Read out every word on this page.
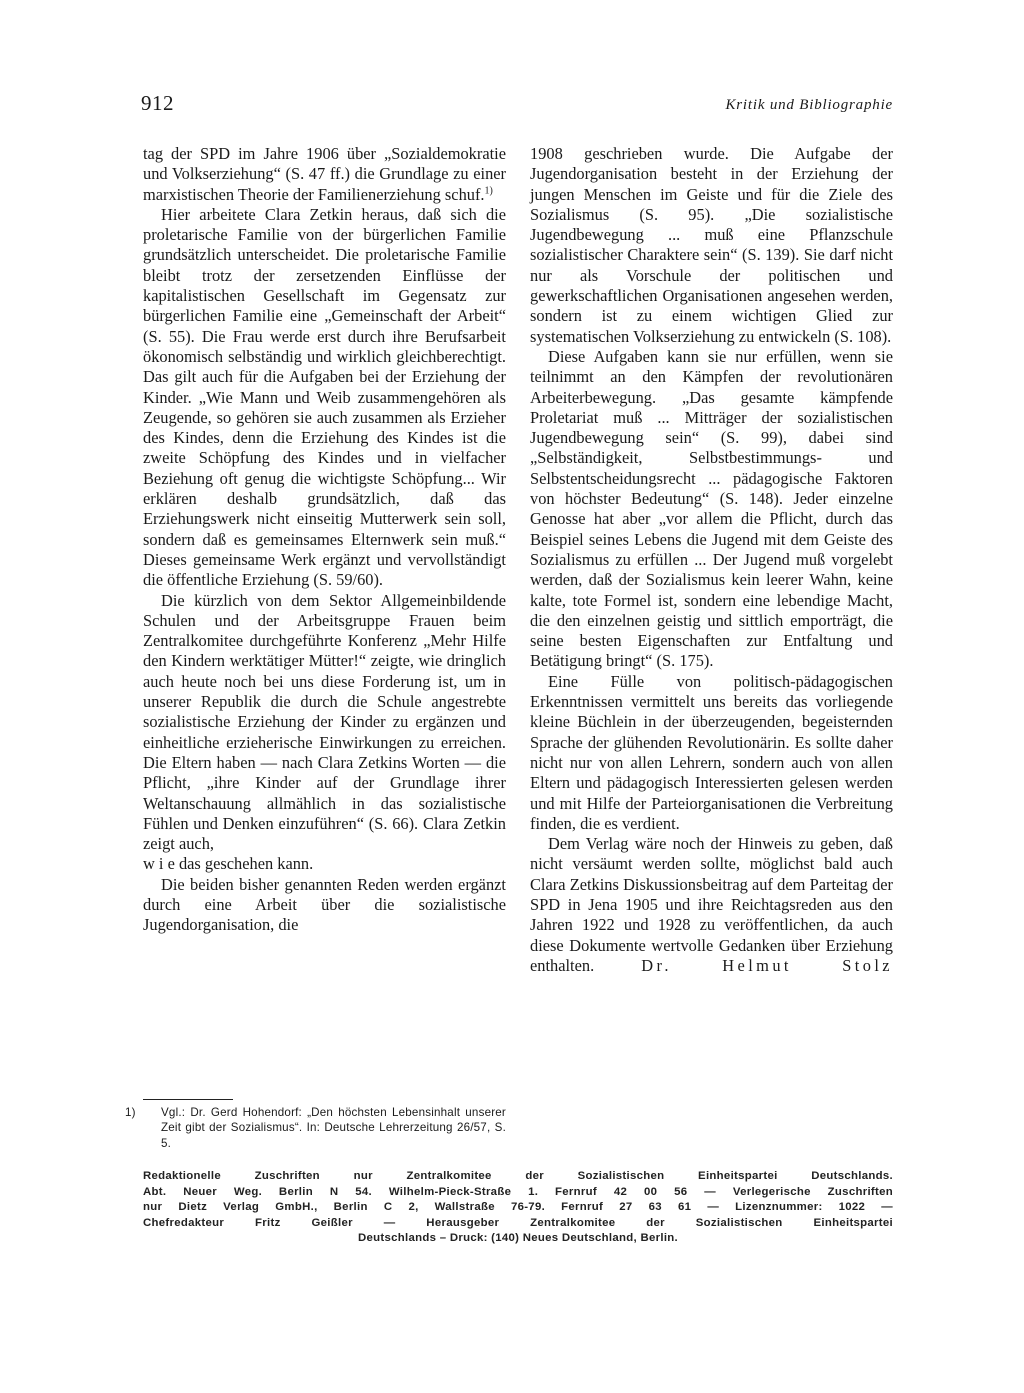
912	Kritik und Bibliographie

tag der SPD im Jahre 1906 über „Sozialdemokratie und Volkserziehung“ (S. 47 ff.) die Grundlage zu einer marxistischen Theorie der Familienerziehung schuf.$^{1)}$

Hier arbeitete Clara Zetkin heraus, daß sich die proletarische Familie von der bürgerlichen Familie grundsätzlich unterscheidet. Die proletarische Familie bleibt trotz der zersetzenden Einflüsse der kapitalistischen Gesellschaft im Gegensatz zur bürgerlichen Familie eine „Gemeinschaft der Arbeit“ (S. 55). Die Frau werde erst durch ihre Berufsarbeit ökonomisch selbständig und wirklich gleichberechtigt. Das gilt auch für die Aufgaben bei der Erziehung der Kinder. „Wie Mann und Weib zusammengehören als Zeugende, so gehören sie auch zusammen als Erzieher des Kindes, denn die Erziehung des Kindes ist die zweite Schöpfung des Kindes und in vielfacher Beziehung oft genug die wichtigste Schöpfung... Wir erklären deshalb grundsätzlich, daß das Erziehungswerk nicht einseitig Mutterwerk sein soll, sondern daß es gemeinsames Elternwerk sein muß.“ Dieses gemeinsame Werk ergänzt und vervollständigt die öffentliche Erziehung (S. 59/60).

Die kürzlich von dem Sektor Allgemeinbildende Schulen und der Arbeitsgruppe Frauen beim Zentralkomitee durchgeführte Konferenz „Mehr Hilfe den Kindern werktätiger Mütter!“ zeigte, wie dringlich auch heute noch bei uns diese Forderung ist, um in unserer Republik die durch die Schule angestrebte sozialistische Erziehung der Kinder zu ergänzen und einheitliche erzieherische Einwirkungen zu erreichen. Die Eltern haben — nach Clara Zetkins Worten — die Pflicht, „ihre Kinder auf der Grundlage ihrer Weltanschauung allmählich in das sozialistische Fühlen und Denken einzuführen“ (S. 66). Clara Zetkin zeigt auch,

w i e das geschehen kann.

Die beiden bisher genannten Reden werden ergänzt durch eine Arbeit über die sozialistische Jugendorganisation, die

1) Vgl.: Dr. Gerd Hohendorf: „Den höchsten Lebensinhalt unserer Zeit gibt der Sozialismus“. In: Deutsche Lehrerzeitung 26/57, S. 5.

1908 geschrieben wurde. Die Aufgabe der Jugendorganisation besteht in der Erziehung der jungen Menschen im Geiste und für die Ziele des Sozialismus (S. 95). „Die sozialistische Jugendbewegung ... muß eine Pflanzschule sozialistischer Charaktere sein“ (S. 139). Sie darf nicht nur als Vorschule der politischen und gewerkschaftlichen Organisationen angesehen werden, sondern ist zu einem wichtigen Glied zur systematischen Volkserziehung zu entwickeln (S. 108).

Diese Aufgaben kann sie nur erfüllen, wenn sie teilnimmt an den Kämpfen der revolutionären Arbeiterbewegung. „Das gesamte kämpfende Proletariat muß ... Mitträger der sozialistischen Jugendbewegung sein“ (S. 99), dabei sind „Selbständigkeit, Selbstbestimmungs- und Selbstentscheidungsrecht ... pädagogische Faktoren von höchster Bedeutung“ (S. 148). Jeder einzelne Genosse hat aber „vor allem die Pflicht, durch das Beispiel seines Lebens die Jugend mit dem Geiste des Sozialismus zu erfüllen ... Der Jugend muß vorgelebt werden, daß der Sozialismus kein leerer Wahn, keine kalte, tote Formel ist, sondern eine lebendige Macht, die den einzelnen geistig und sittlich emporträgt, die seine besten Eigenschaften zur Entfaltung und Betätigung bringt“ (S. 175).

Eine Fülle von politisch-pädagogischen Erkenntnissen vermittelt uns bereits das vorliegende kleine Büchlein in der überzeugenden, begeisternden Sprache der glühenden Revolutionärin. Es sollte daher nicht nur von allen Lehrern, sondern auch von allen Eltern und pädagogisch Interessierten gelesen werden und mit Hilfe der Parteiorganisationen die Verbreitung finden, die es verdient.

Dem Verlag wäre noch der Hinweis zu geben, daß nicht versäumt werden sollte, möglichst bald auch Clara Zetkins Diskussionsbeitrag auf dem Parteitag der SPD in Jena 1905 und ihre Reichtagsreden aus den Jahren 1922 und 1928 zu veröffentlichen, da auch diese Dokumente wertvolle Gedanken über Erziehung enthalten.	Dr. Helmut Stolz

Redaktionelle Zuschriften nur Zentralkomitee der Sozialistischen Einheitspartei Deutschlands.

Abt. Neuer Weg. Berlin N 54. Wilhelm-Pieck-Straße 1. Fernruf 42 00 56 — Verlegerische Zuschriften

nur Dietz Verlag GmbH., Berlin C 2, Wallstraße 76-79. Fernruf 27 63 61 — Lizenznummer: 1022 —

Chefredakteur Fritz Geißler — Herausgeber Zentralkomitee der Sozialistischen Einheitspartei

Deutschlands – Druck: (140) Neues Deutschland, Berlin.
